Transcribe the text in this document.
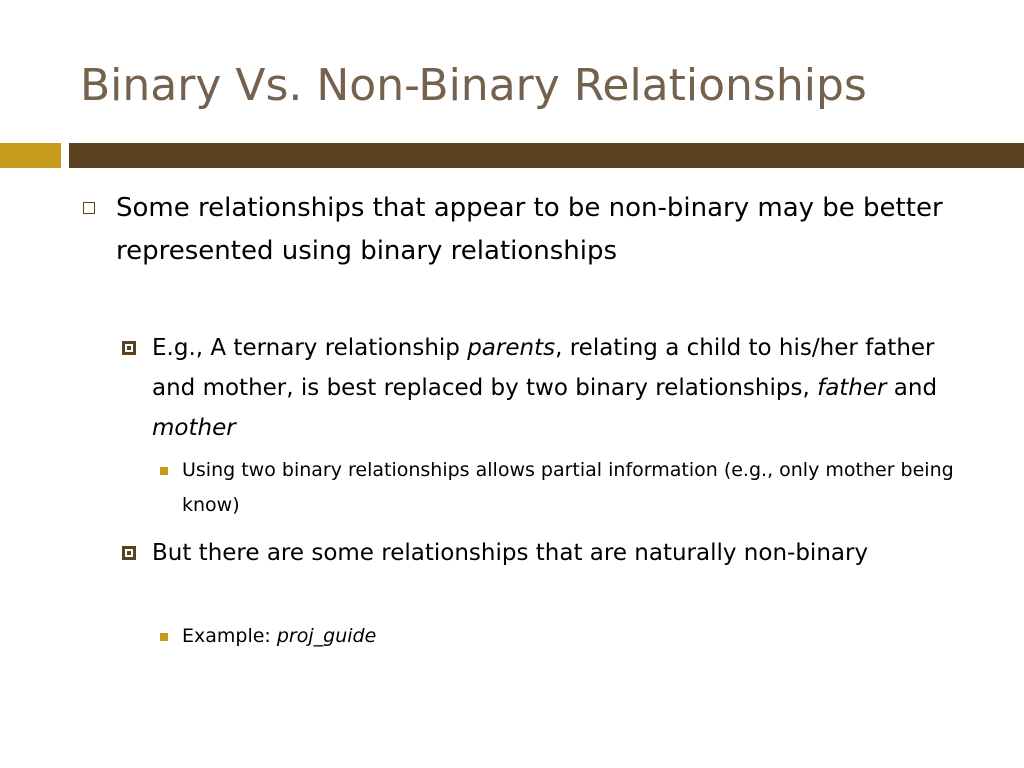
Binary Vs. Non-Binary Relationships

Some relationships that appear to be non-binary may be better represented using binary relationships

E.g., A ternary relationship parents, relating a child to his/her father and mother, is best replaced by two binary relationships, father and mother

Using two binary relationships allows partial information (e.g., only mother being know)

But there are some relationships that are naturally non-binary

Example: proj_guide
